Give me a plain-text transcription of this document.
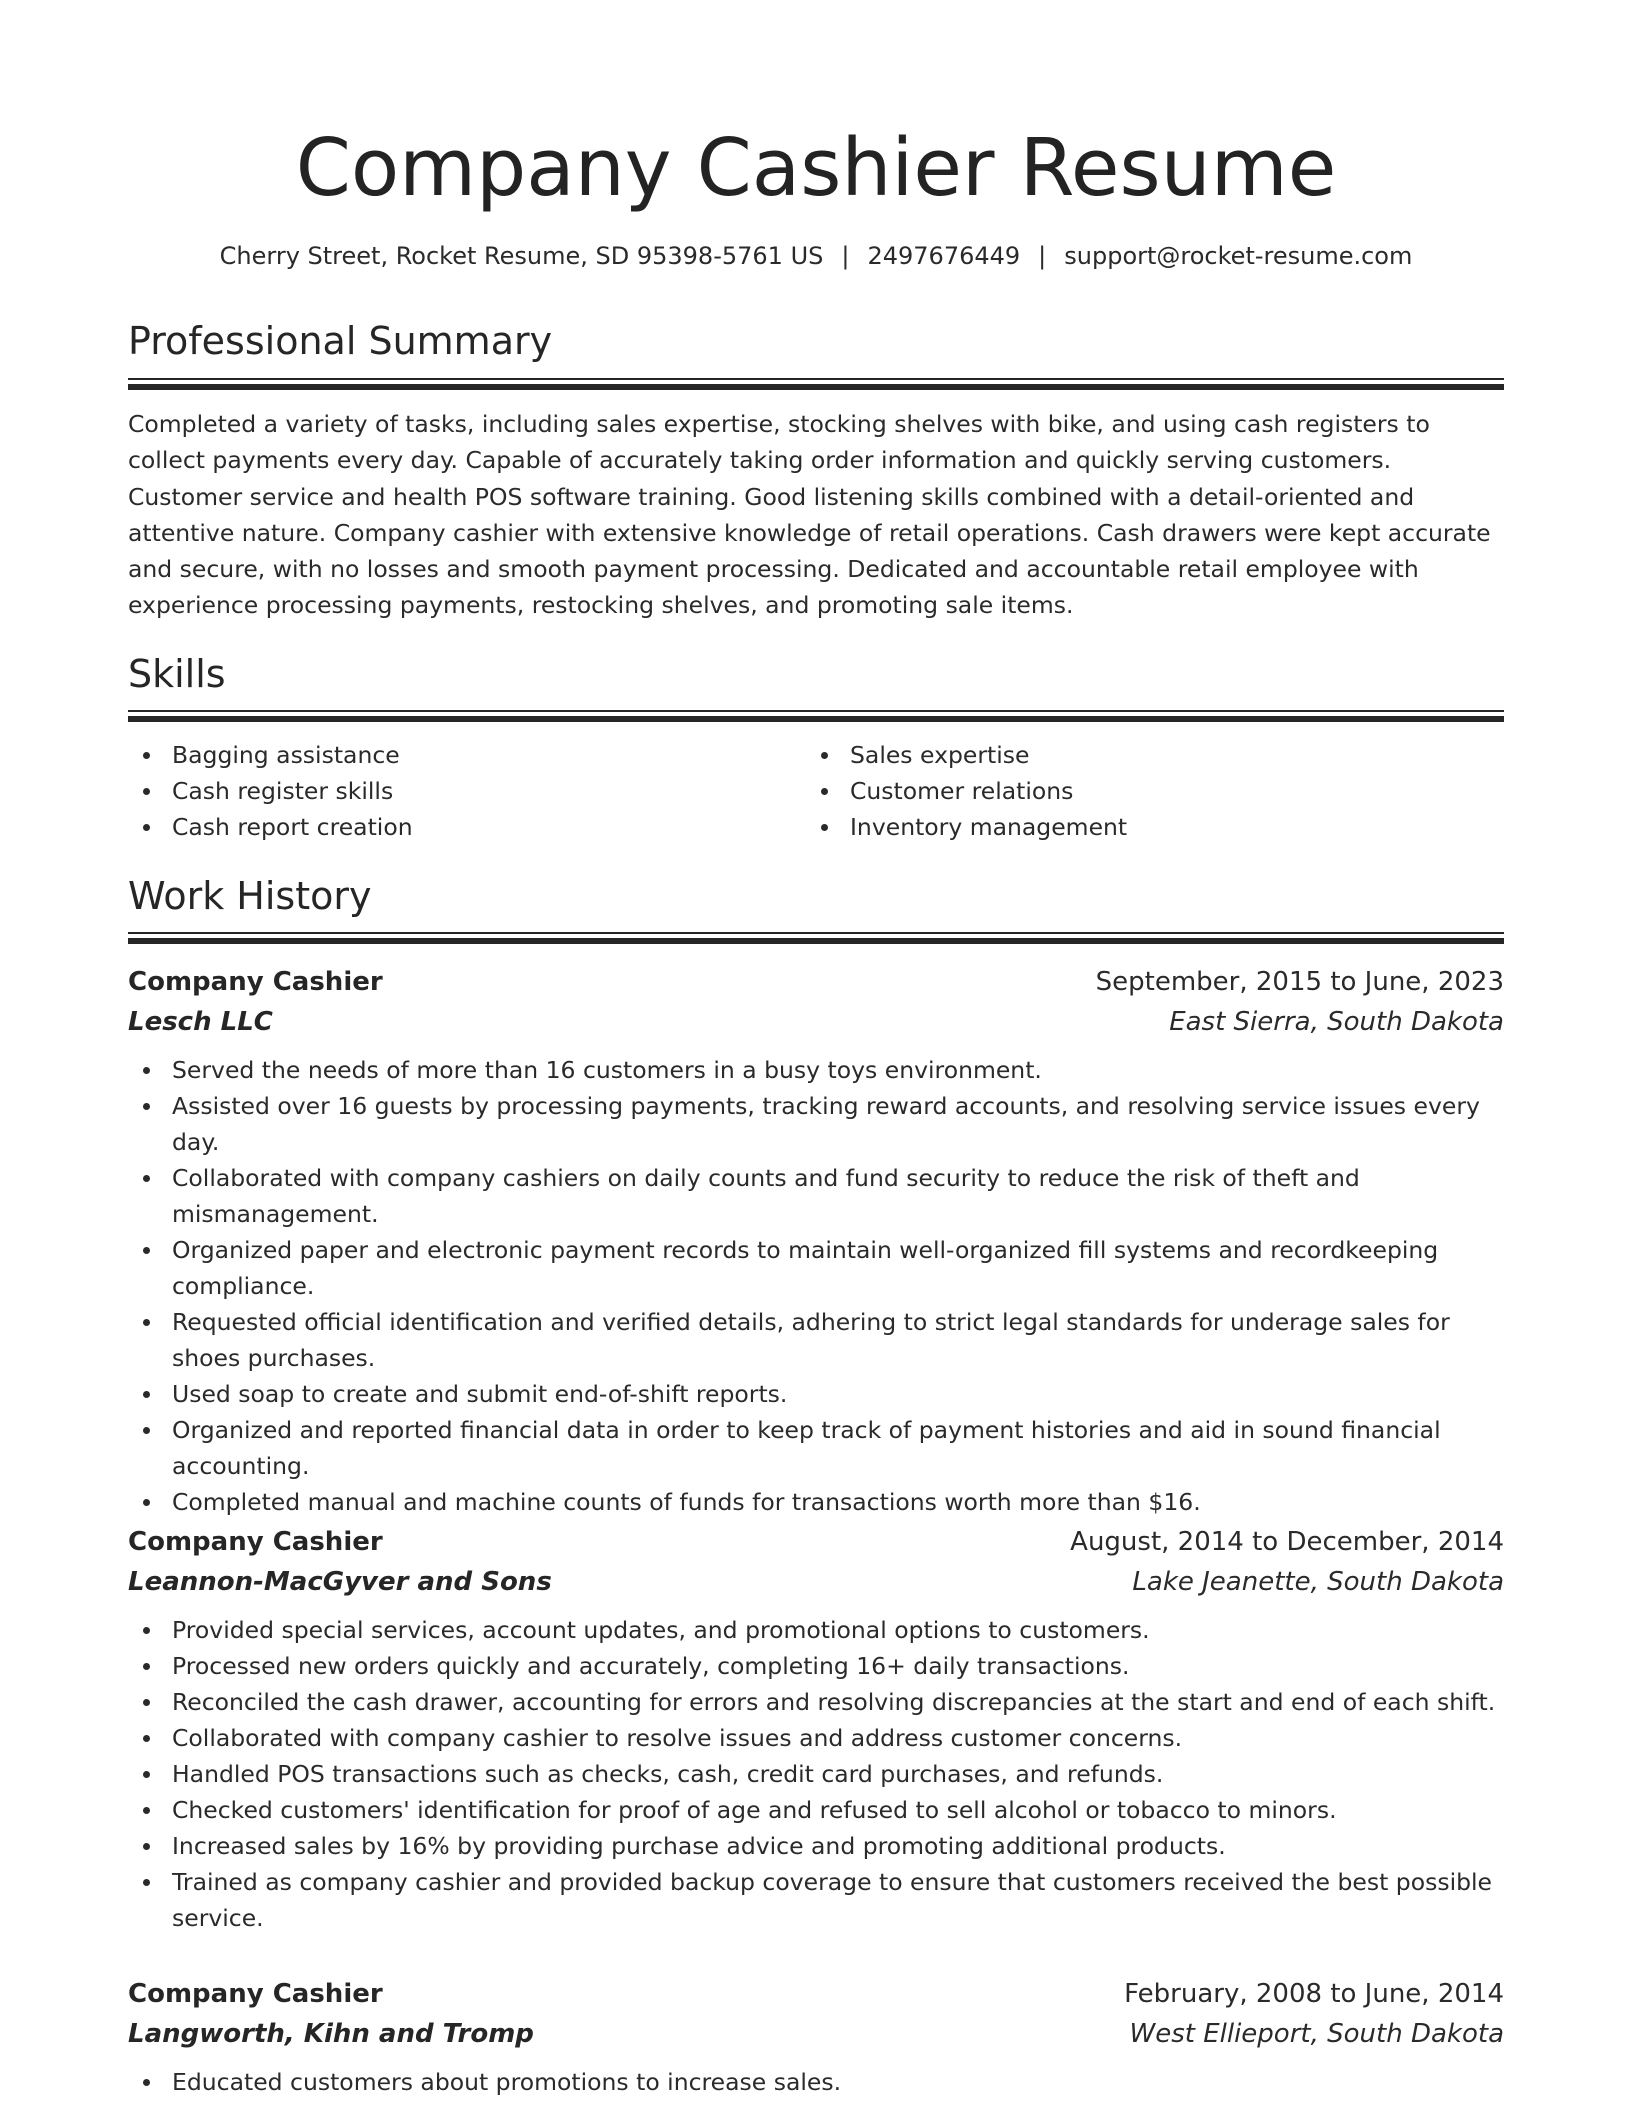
Company Cashier Resume
Cherry Street, Rocket Resume, SD 95398-5761 US | 2497676449 | support@rocket-resume.com
Professional Summary
Completed a variety of tasks, including sales expertise, stocking shelves with bike, and using cash registers to collect payments every day. Capable of accurately taking order information and quickly serving customers. Customer service and health POS software training. Good listening skills combined with a detail-oriented and attentive nature. Company cashier with extensive knowledge of retail operations. Cash drawers were kept accurate and secure, with no losses and smooth payment processing. Dedicated and accountable retail employee with experience processing payments, restocking shelves, and promoting sale items.
Skills
Bagging assistance
Cash register skills
Cash report creation
Sales expertise
Customer relations
Inventory management
Work History
Company Cashier	September, 2015 to June, 2023
Lesch LLC	East Sierra, South Dakota
Served the needs of more than 16 customers in a busy toys environment.
Assisted over 16 guests by processing payments, tracking reward accounts, and resolving service issues every day.
Collaborated with company cashiers on daily counts and fund security to reduce the risk of theft and mismanagement.
Organized paper and electronic payment records to maintain well-organized fill systems and recordkeeping compliance.
Requested official identification and verified details, adhering to strict legal standards for underage sales for shoes purchases.
Used soap to create and submit end-of-shift reports.
Organized and reported financial data in order to keep track of payment histories and aid in sound financial accounting.
Completed manual and machine counts of funds for transactions worth more than $16.
Company Cashier	August, 2014 to December, 2014
Leannon-MacGyver and Sons	Lake Jeanette, South Dakota
Provided special services, account updates, and promotional options to customers.
Processed new orders quickly and accurately, completing 16+ daily transactions.
Reconciled the cash drawer, accounting for errors and resolving discrepancies at the start and end of each shift.
Collaborated with company cashier to resolve issues and address customer concerns.
Handled POS transactions such as checks, cash, credit card purchases, and refunds.
Checked customers' identification for proof of age and refused to sell alcohol or tobacco to minors.
Increased sales by 16% by providing purchase advice and promoting additional products.
Trained as company cashier and provided backup coverage to ensure that customers received the best possible service.
Company Cashier	February, 2008 to June, 2014
Langworth, Kihn and Tromp	West Ellieport, South Dakota
Educated customers about promotions to increase sales.
